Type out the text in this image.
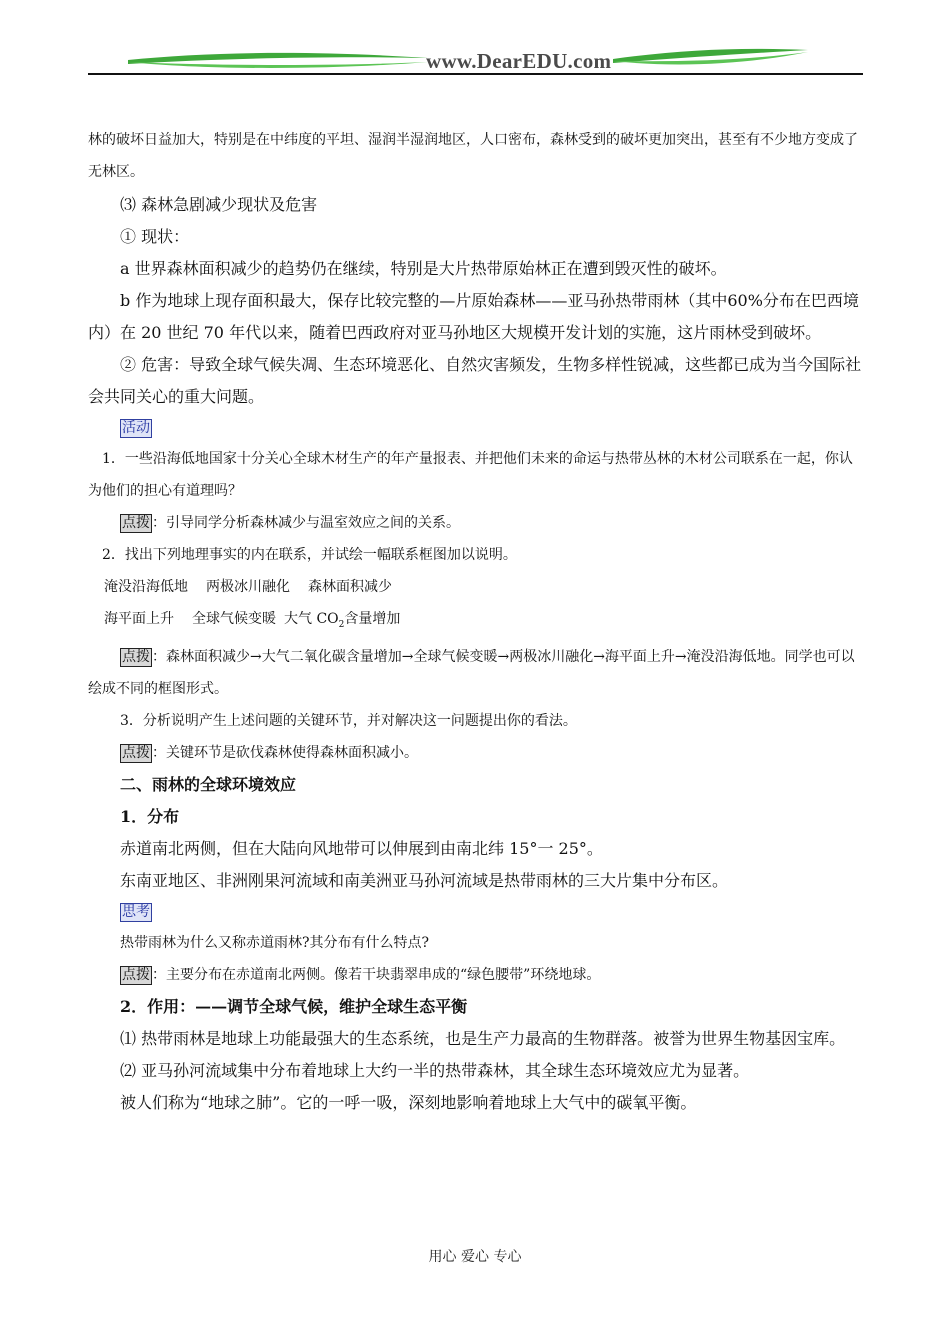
www.DearEDU.com

林的破坏日益加大，特别是在中纬度的平坦、湿润半湿润地区，人口密布，森林受到的破坏更加突出，甚至有不少地方变成了无林区。

⑶ 森林急剧减少现状及危害

① 现状：

a 世界森林面积减少的趋势仍在继续，特别是大片热带原始林正在遭到毁灭性的破坏。

b 作为地球上现存面积最大，保存比较完整的—片原始森林——亚马孙热带雨林（其中60%分布在巴西境内）在 20 世纪 70 年代以来，随着巴西政府对亚马孙地区大规模开发计划的实施，这片雨林受到破坏。

② 危害：导致全球气候失凋、生态环境恶化、自然灾害频发，生物多样性锐减，这些都已成为当今国际社会共同关心的重大问题。

活动

1．一些沿海低地国家十分关心全球木材生产的年产量报表、并把他们未来的命运与热带丛林的木材公司联系在一起，你认为他们的担心有道理吗？

点拨 ：引导同学分析森林减少与温室效应之间的关系。

2．找出下列地理事实的内在联系，并试绘一幅联系框图加以说明。

淹没沿海低地 两极冰川融化 森林面积减少

海平面上升 全球气候变暖 大气 $CO_2$含量增加

点拨 ：森林面积减少→大气二氧化碳含量增加→全球气候变暖→两极冰川融化→海平面上升→淹没沿海低地。同学也可以绘成不同的框图形式。

3．分析说明产生上述问题的关键环节，并对解决这一问题提出你的看法。

点拨 ：关键环节是砍伐森林使得森林面积减小。

二、雨林的全球环境效应

1．分布

赤道南北两侧，但在大陆向风地带可以伸展到由南北纬 15°一 25°。

东南亚地区、非洲刚果河流域和南美洲亚马孙河流域是热带雨林的三大片集中分布区。

思考

热带雨林为什么又称赤道雨林?其分布有什么特点?

点拨 ：主要分布在赤道南北两侧。像若干块翡翠串成的“绿色腰带”环绕地球。

2．作用：——调节全球气候，维护全球生态平衡

⑴ 热带雨林是地球上功能最强大的生态系统，也是生产力最高的生物群落。被誉为世界生物基因宝库。

⑵ 亚马孙河流域集中分布着地球上大约一半的热带森林，其全球生态环境效应尤为显著。

被人们称为“地球之肺”。它的一呼一吸，深刻地影响着地球上大气中的碳氧平衡。

用心 爱心 专心
